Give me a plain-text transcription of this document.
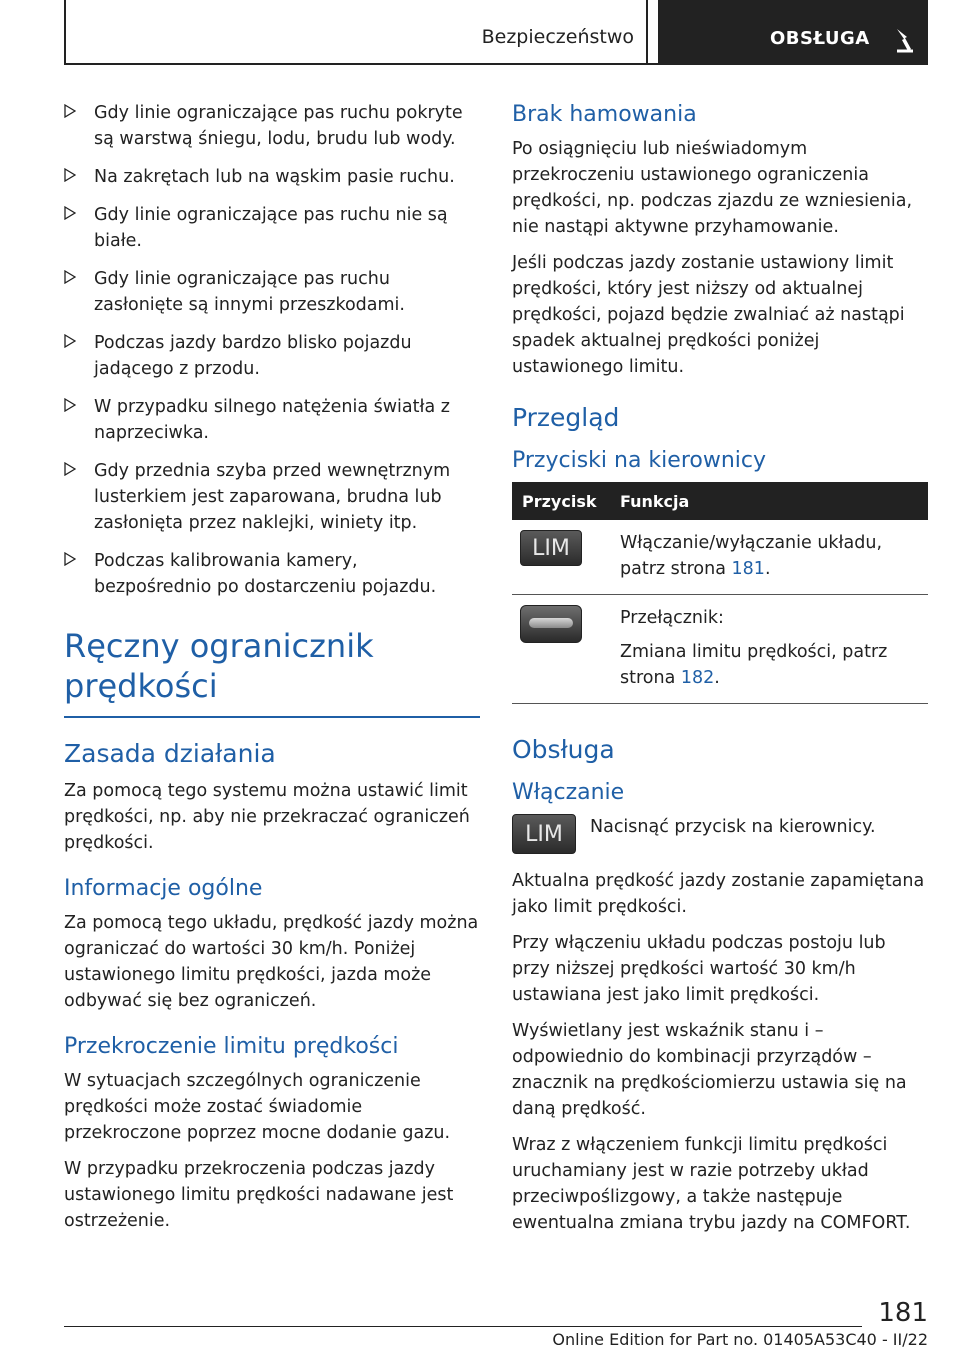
Bezpieczeństwo	OBSŁUGA
Gdy linie ograniczające pas ruchu pokryte są warstwą śniegu, lodu, brudu lub wody.
Na zakrętach lub na wąskim pasie ruchu.
Gdy linie ograniczające pas ruchu nie są białe.
Gdy linie ograniczające pas ruchu zasłonięte są innymi przeszkodami.
Podczas jazdy bardzo blisko pojazdu jadącego z przodu.
W przypadku silnego natężenia światła z naprzeciwka.
Gdy przednia szyba przed wewnętrznym lusterkiem jest zaparowana, brudna lub zasłonięta przez naklejki, winiety itp.
Podczas kalibrowania kamery, bezpośrednio po dostarczeniu pojazdu.
Ręczny ogranicznik prędkości
Zasada działania

Za pomocą tego systemu można ustawić limit prędkości, np. aby nie przekraczać ograniczeń prędkości.

Informacje ogólne

Za pomocą tego układu, prędkość jazdy można ograniczać do wartości 30 km/h. Poniżej ustawionego limitu prędkości, jazda może odbywać się bez ograniczeń.

Przekroczenie limitu prędkości

W sytuacjach szczególnych ograniczenie prędkości może zostać świadomie przekroczone poprzez mocne dodanie gazu.

W przypadku przekroczenia podczas jazdy ustawionego limitu prędkości nadawane jest ostrzeżenie.

Brak hamowania

Po osiągnięciu lub nieświadomym przekroczeniu ustawionego ograniczenia prędkości, np. podczas zjazdu ze wzniesienia, nie nastąpi aktywne przyhamowanie.

Jeśli podczas jazdy zostanie ustawiony limit prędkości, który jest niższy od aktualnej prędkości, pojazd będzie zwalniać aż nastąpi spadek aktualnej prędkości poniżej ustawionego limitu.

Przegląd
Przyciski na kierownicy
Przycisk	Funkcja

LIM	Włączanie/wyłączanie układu, patrz strona 181.

	Przełącznik:

Zmiana limitu prędkości, patrz strona 182.

Obsługa
Włączanie
LIM	Nacisnąć przycisk na kierownicy.

Aktualna prędkość jazdy zostanie zapamiętana jako limit prędkości.

Przy włączeniu układu podczas postoju lub przy niższej prędkości wartość 30 km/h ustawiana jest jako limit prędkości.

Wyświetlany jest wskaźnik stanu i – odpowiednio do kombinacji przyrządów – znacznik na prędkościomierzu ustawia się na daną prędkość.

Wraz z włączeniem funkcji limitu prędkości uruchamiany jest w razie potrzeby układ przeciwpoślizgowy, a także następuje ewentualna zmiana trybu jazdy na COMFORT.

181
Online Edition for Part no. 01405A53C40 - II/22
